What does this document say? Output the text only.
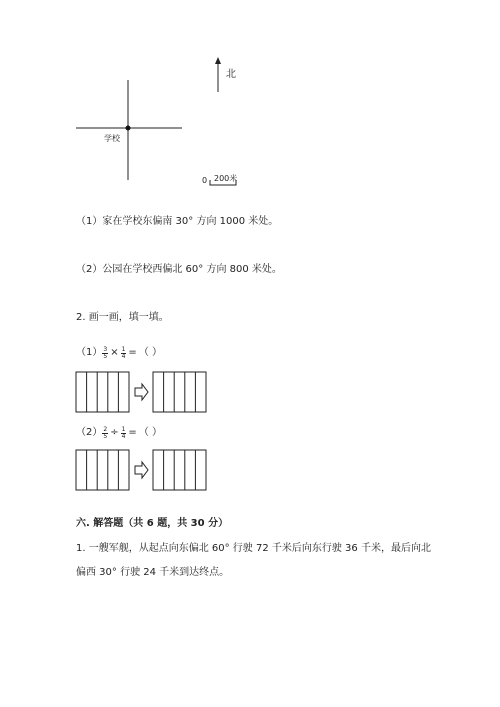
北
学校
0 200米
（1）家在学校东偏南 30° 方向 1000 米处。
（2）公园在学校西偏北 60° 方向 800 米处。
2. 画一画，填一填。
$(1) \frac{3}{5} \times \frac{1}{4}$ = （ ）
$(2) \frac{2}{5} \div \frac{1}{4}$ = （ ）
六. 解答题（共 6 题，共 30 分）
1. 一艘军舰，从起点向东偏北 60° 行驶 72 千米后向东行驶 36 千米，最后向北
偏西 30° 行驶 24 千米到达终点。
